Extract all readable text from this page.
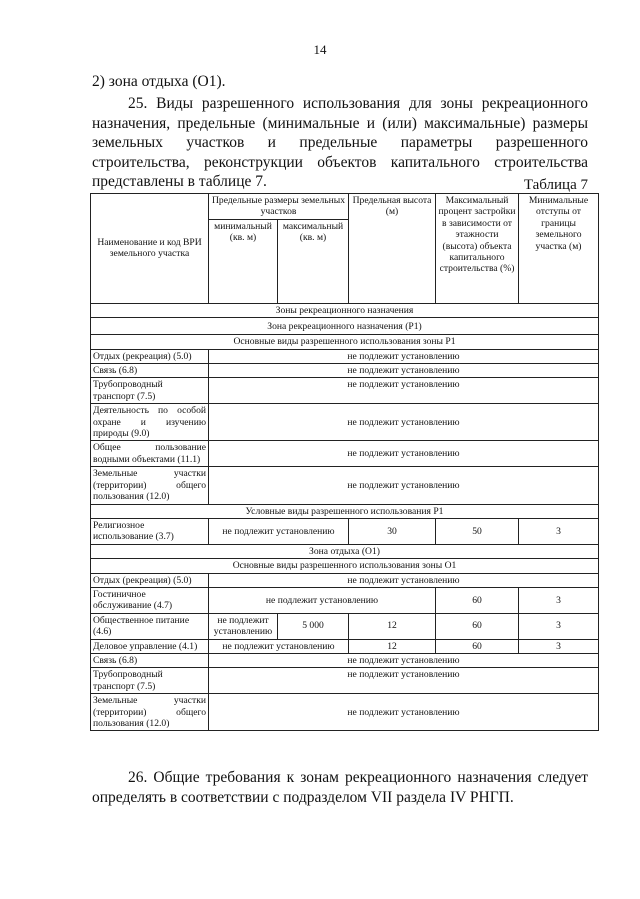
14
2) зона отдыха (О1).
25. Виды разрешенного использования для зоны рекреационного назначения, предельные (минимальные и (или) максимальные) размеры земельных участков и предельные параметры разрешенного строительства, реконструкции объектов капитального строительства представлены в таблице 7.	Таблица 7
Наименование и код ВРИ земельного участка	Предельные размеры земельных участков		Предельная высота (м)	Максимальный процент застройки в зависимости от этажности (высота) объекта капитального строительства (%)	Минимальные отступы от границы земельного участка (м)
	минимальный (кв. м)	максимальный (кв. м)			
Зоны рекреационного назначения					
Зона рекреационного назначения (Р1)					
Основные виды разрешенного использования зоны Р1					
Отдых (рекреация) (5.0)	не подлежит установлению				
Связь (6.8)	не подлежит установлению				
Трубопроводный транспорт (7.5)	не подлежит установлению				
Деятельность по особой охране и изучению природы (9.0)	не подлежит установлению				
Общее пользование водными объектами (11.1)	не подлежит установлению				
Земельные участки (территории) общего пользования (12.0)	не подлежит установлению				
Условные виды разрешенного использования Р1					
Религиозное использование (3.7)	не подлежит установлению		30	50	3
Зона отдыха (О1)					
Основные виды разрешенного использования зоны О1					
Отдых (рекреация) (5.0)	не подлежит установлению				
Гостиничное обслуживание (4.7)	не подлежит установлению			60	3
Общественное питание (4.6)	не подлежит установлению	5 000	12	60	3
Деловое управление (4.1)	не подлежит установлению		12	60	3
Связь (6.8)	не подлежит установлению				
Трубопроводный транспорт (7.5)	не подлежит установлению				
Земельные участки (территории) общего пользования (12.0)	не подлежит установлению				
26. Общие требования к зонам рекреационного назначения следует определять в соответствии с подразделом VII раздела IV РНГП.
